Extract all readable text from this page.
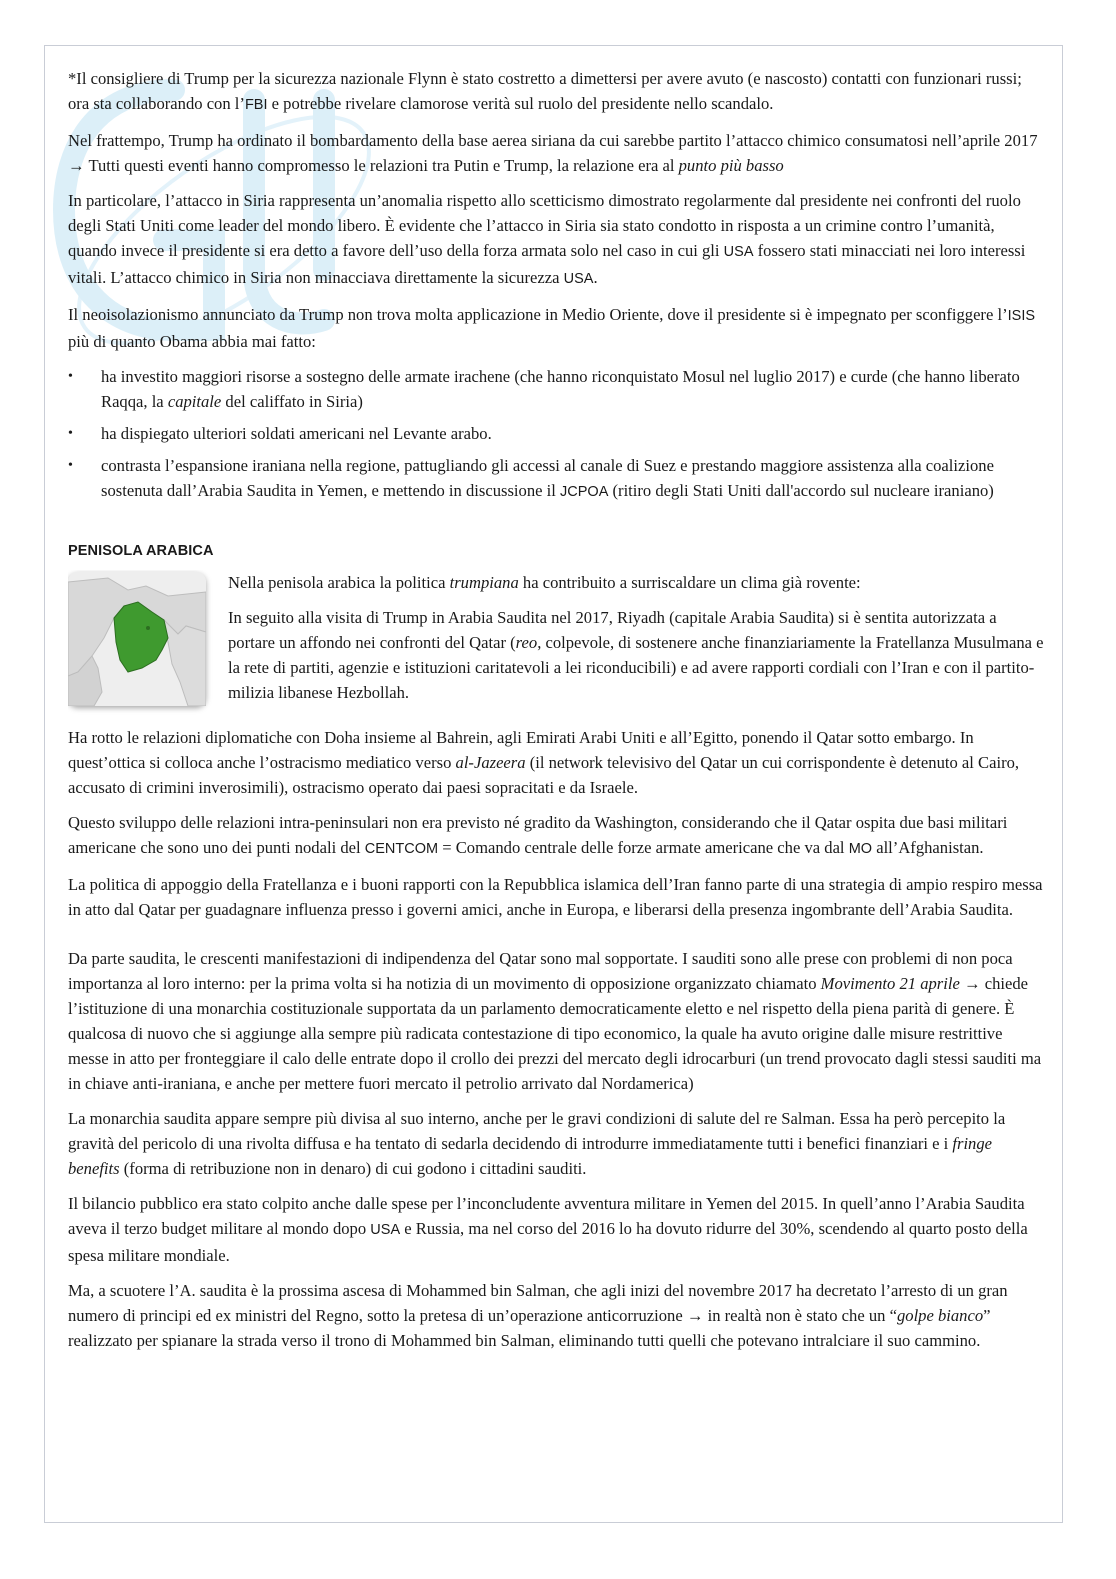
*Il consigliere di Trump per la sicurezza nazionale Flynn è stato costretto a dimettersi per avere avuto (e nascosto) contatti con funzionari russi; ora sta collaborando con l’FBI e potrebbe rivelare clamorose verità sul ruolo del presidente nello scandalo.

Nel frattempo, Trump ha ordinato il bombardamento della base aerea siriana da cui sarebbe partito l’attacco chimico consumatosi nell’aprile 2017 → Tutti questi eventi hanno compromesso le relazioni tra Putin e Trump, la relazione era al punto più basso

In particolare, l’attacco in Siria rappresenta un’anomalia rispetto allo scetticismo dimostrato regolarmente dal presidente nei confronti del ruolo degli Stati Uniti come leader del mondo libero. È evidente che l’attacco in Siria sia stato condotto in risposta a un crimine contro l’umanità, quando invece il presidente si era detto a favore dell’uso della forza armata solo nel caso in cui gli USA fossero stati minacciati nei loro interessi vitali. L’attacco chimico in Siria non minacciava direttamente la sicurezza USA.

Il neoisolazionismo annunciato da Trump non trova molta applicazione in Medio Oriente, dove il presidente si è impegnato per sconfiggere l’ISIS più di quanto Obama abbia mai fatto:

• ha investito maggiori risorse a sostegno delle armate irachene (che hanno riconquistato Mosul nel luglio 2017) e curde (che hanno liberato Raqqa, la capitale del califfato in Siria)
• ha dispiegato ulteriori soldati americani nel Levante arabo.
• contrasta l’espansione iraniana nella regione, pattugliando gli accessi al canale di Suez e prestando maggiore assistenza alla coalizione sostenuta dall’Arabia Saudita in Yemen, e mettendo in discussione il JCPOA (ritiro degli Stati Uniti dall'accordo sul nucleare iraniano)
PENISOLA ARABICA

Nella penisola arabica la politica trumpiana ha contribuito a surriscaldare un clima già rovente:

In seguito alla visita di Trump in Arabia Saudita nel 2017, Riyadh (capitale Arabia Saudita) si è sentita autorizzata a portare un affondo nei confronti del Qatar (reo, colpevole, di sostenere anche finanziariamente la Fratellanza Musulmana e la rete di partiti, agenzie e istituzioni caritatevoli a lei riconducibili) e ad avere rapporti cordiali con l’Iran e con il partito-milizia libanese Hezbollah.

Ha rotto le relazioni diplomatiche con Doha insieme al Bahrein, agli Emirati Arabi Uniti e all’Egitto, ponendo il Qatar sotto embargo. In quest’ottica si colloca anche l’ostracismo mediatico verso al-Jazeera (il network televisivo del Qatar un cui corrispondente è detenuto al Cairo, accusato di crimini inverosimili), ostracismo operato dai paesi sopracitati e da Israele.

Questo sviluppo delle relazioni intra-peninsulari non era previsto né gradito da Washington, considerando che il Qatar ospita due basi militari americane che sono uno dei punti nodali del CENTCOM = Comando centrale delle forze armate americane che va dal MO all’Afghanistan.

La politica di appoggio della Fratellanza e i buoni rapporti con la Repubblica islamica dell’Iran fanno parte di una strategia di ampio respiro messa in atto dal Qatar per guadagnare influenza presso i governi amici, anche in Europa, e liberarsi della presenza ingombrante dell’Arabia Saudita.

Da parte saudita, le crescenti manifestazioni di indipendenza del Qatar sono mal sopportate. I sauditi sono alle prese con problemi di non poca importanza al loro interno: per la prima volta si ha notizia di un movimento di opposizione organizzato chiamato Movimento 21 aprile → chiede l’istituzione di una monarchia costituzionale supportata da un parlamento democraticamente eletto e nel rispetto della piena parità di genere. È qualcosa di nuovo che si aggiunge alla sempre più radicata contestazione di tipo economico, la quale ha avuto origine dalle misure restrittive messe in atto per fronteggiare il calo delle entrate dopo il crollo dei prezzi del mercato degli idrocarburi (un trend provocato dagli stessi sauditi ma in chiave anti-iraniana, e anche per mettere fuori mercato il petrolio arrivato dal Nordamerica)

La monarchia saudita appare sempre più divisa al suo interno, anche per le gravi condizioni di salute del re Salman. Essa ha però percepito la gravità del pericolo di una rivolta diffusa e ha tentato di sedarla decidendo di introdurre immediatamente tutti i benefici finanziari e i fringe benefits (forma di retribuzione non in denaro) di cui godono i cittadini sauditi.

Il bilancio pubblico era stato colpito anche dalle spese per l’inconcludente avventura militare in Yemen del 2015. In quell’anno l’Arabia Saudita aveva il terzo budget militare al mondo dopo USA e Russia, ma nel corso del 2016 lo ha dovuto ridurre del 30%, scendendo al quarto posto della spesa militare mondiale.

Ma, a scuotere l’A. saudita è la prossima ascesa di Mohammed bin Salman, che agli inizi del novembre 2017 ha decretato l’arresto di un gran numero di principi ed ex ministri del Regno, sotto la pretesa di un’operazione anticorruzione → in realtà non è stato che un “golpe bianco” realizzato per spianare la strada verso il trono di Mohammed bin Salman, eliminando tutti quelli che potevano intralciare il suo cammino.
